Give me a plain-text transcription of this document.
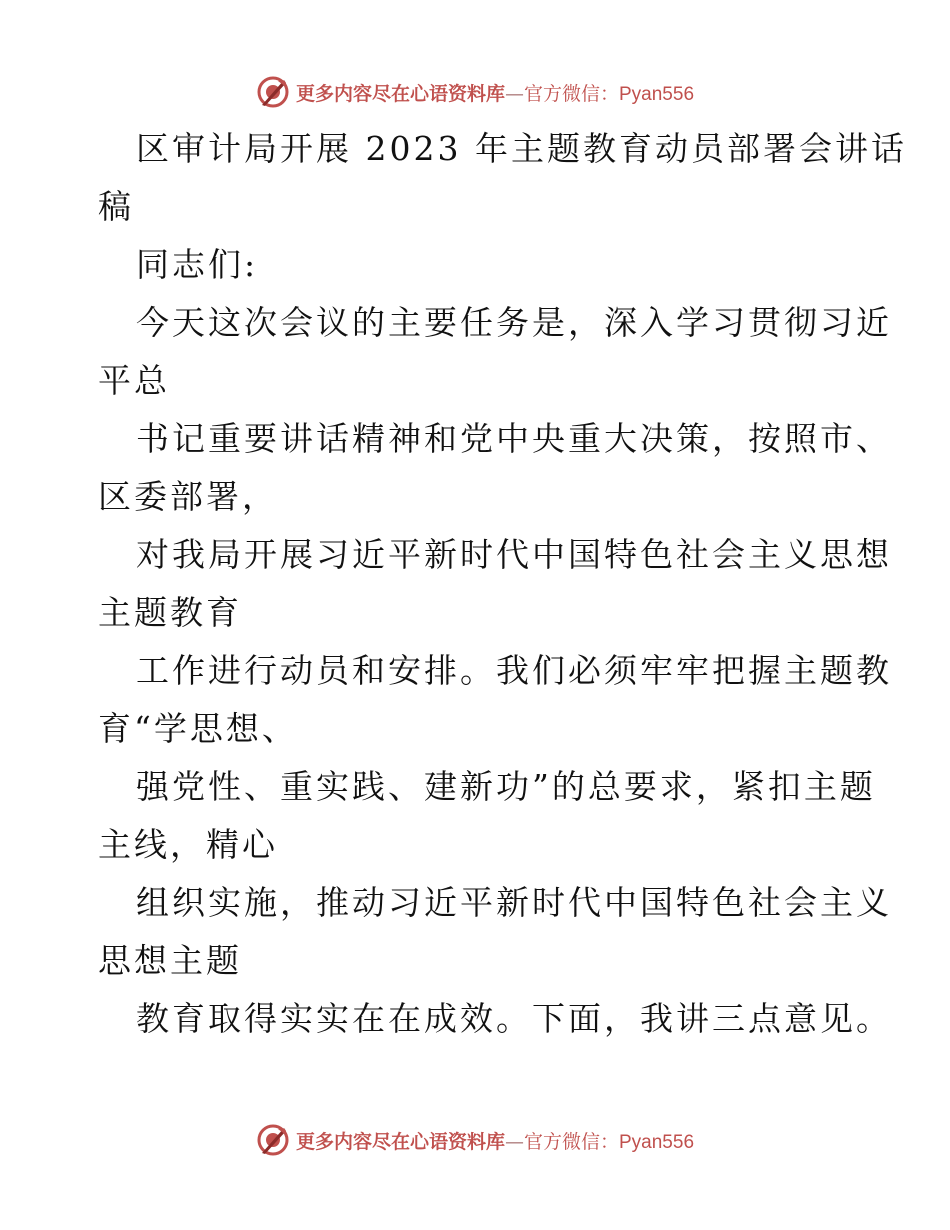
更多内容尽在心语资料库—官方微信：Pyan556
区审计局开展 2023 年主题教育动员部署会讲话
稿
同志们:
今天这次会议的主要任务是，深入学习贯彻习近
平总
书记重要讲话精神和党中央重大决策，按照市、
区委部署，
对我局开展习近平新时代中国特色社会主义思想
主题教育
工作进行动员和安排。我们必须牢牢把握主题教
育“学思想、
强党性、重实践、建新功”的总要求，紧扣主题
主线，精心
组织实施，推动习近平新时代中国特色社会主义
思想主题
教育取得实实在在成效。下面，我讲三点意见。
更多内容尽在心语资料库—官方微信：Pyan556
